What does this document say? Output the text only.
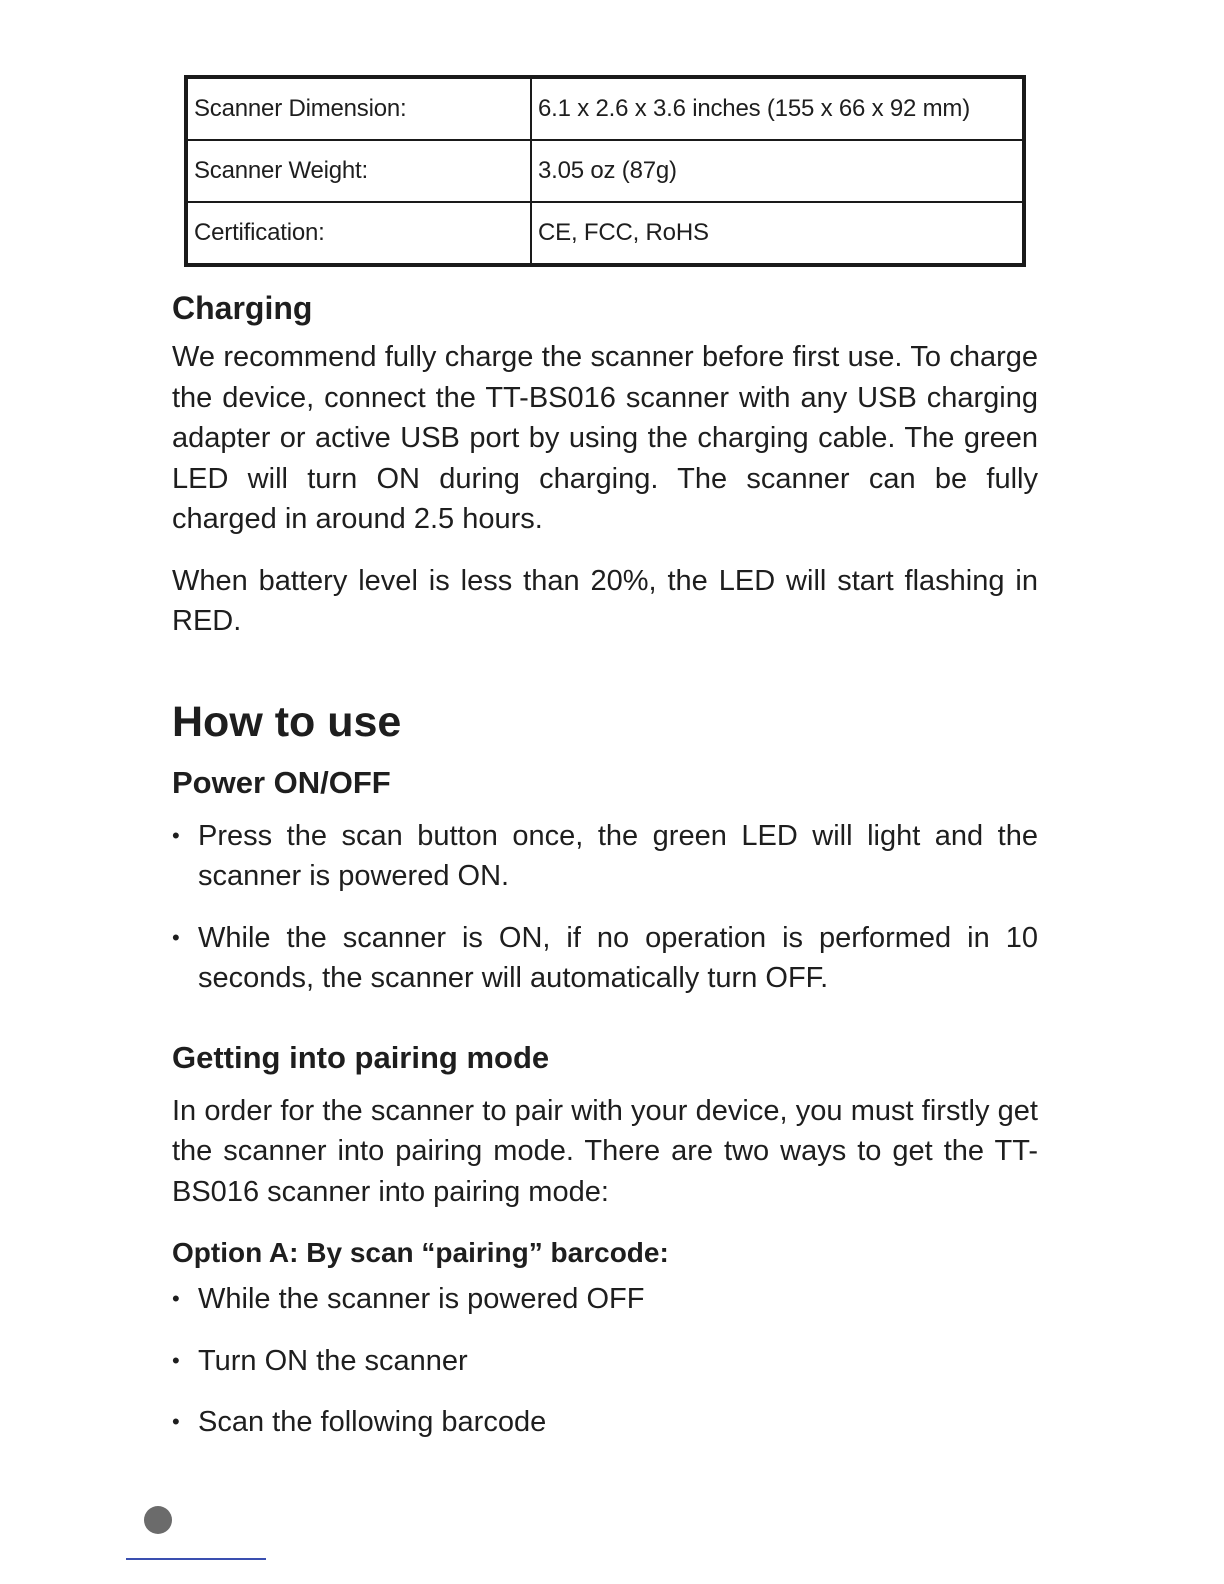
Scanner Dimension:	6.1 x 2.6 x 3.6 inches (155 x 66 x 92 mm)
Scanner Weight:	3.05 oz (87g)
Certification:	CE, FCC, RoHS
Charging

We recommend fully charge the scanner before first use. To charge the device, connect the TT-BS016 scanner with any USB charging adapter or active USB port by using the charging cable. The green LED will turn ON during charging. The scanner can be fully charged in around 2.5 hours.

When battery level is less than 20%, the LED will start flashing in RED.

How to use
Power ON/OFF
• Press the scan button once, the green LED will light and the scanner is powered ON.
• While the scanner is ON, if no operation is performed in 10 seconds, the scanner will automatically turn OFF.
Getting into pairing mode

In order for the scanner to pair with your device, you must firstly get the scanner into pairing mode. There are two ways to get the TT-BS016 scanner into pairing mode:

Option A: By scan “pairing” barcode:
• While the scanner is powered OFF
• Turn ON the scanner
• Scan the following barcode
